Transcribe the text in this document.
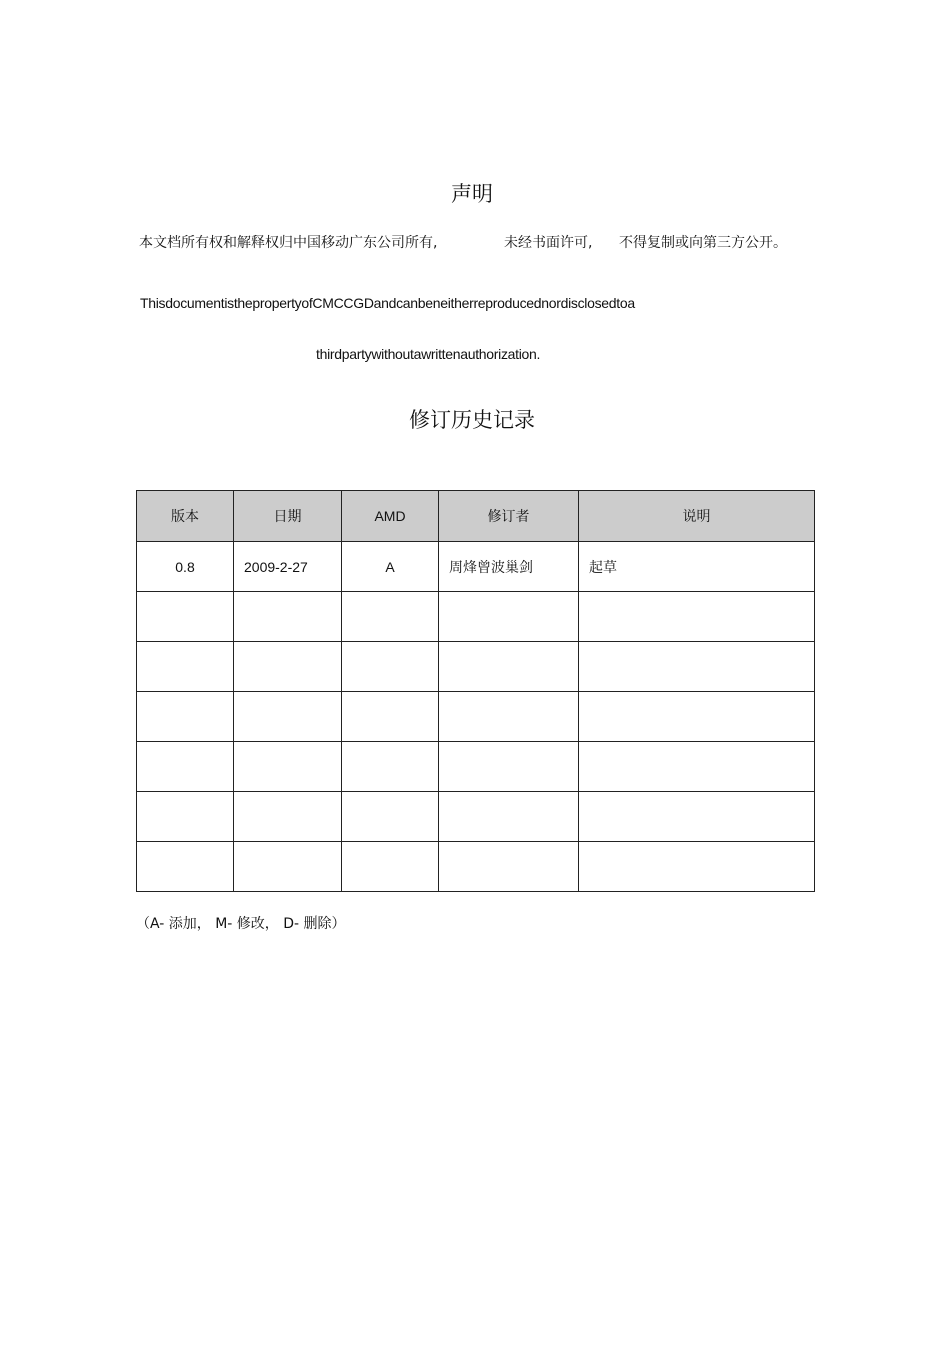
声明

本文档所有权和解释权归中国移动广东公司所有,	未经书面许可, 不得复制或向第三方公开。

ThisdocumentisthepropertyofCMCCGDandcanbeneitherreproducednordisclosedtoa

thirdpartywithoutawrittenauthorization.

修订历史记录
版本	日期	AMD	修订者	说明
0.8	2009-2-27	A	周烽曾波巢剑	起草

（A- 添加， M- 修改， D- 删除）
